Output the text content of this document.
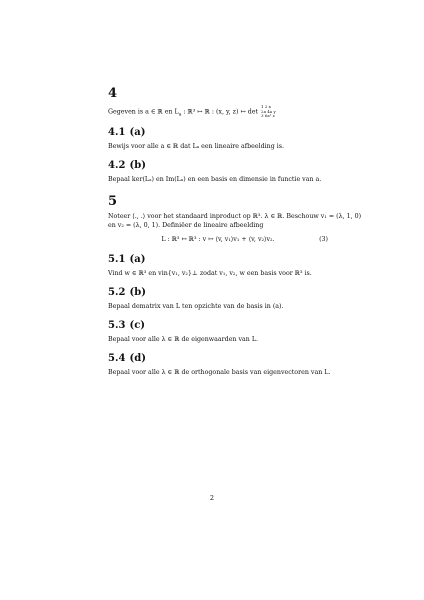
4
Gegeven is a ∈ ℝ en $L_a$ : ℝ³ ↦ ℝ : (x, y, z) ↦ det
1 2 x
2a 4a y
3 6a² z
4.1 (a)
Bewijs voor alle a ∈ ℝ dat Lₐ een lineaire afbeelding is.
4.2 (b)
Bepaal ker(Lₐ) en Im(Lₐ) en een basis en dimensie in functie van a.
5
Noteer ⟨., .⟩ voor het standaard inproduct op ℝ³. λ ∈ ℝ. Beschouw v₁ = (λ, 1, 0)
en v₂ = (λ, 0, 1). Definiëer de lineaire afbeelding
L : ℝ³ ↦ ℝ³ : v ↦ ⟨v, v₁⟩v₁ + ⟨v, v₂⟩v₂.	(3)
5.1 (a)
Vind w ∈ ℝ³ en vin{v₁, v₂}⊥ zodat v₁, v₂, w een basis voor ℝ³ is.
5.2 (b)
Bepaal dematrix van L ten opzichte van de basis in (a).
5.3 (c)
Bepaal voor alle λ ∈ ℝ de eigenwaarden van L.
5.4 (d)
Bepaal voor alle λ ∈ ℝ de orthogonale basis van eigenvectoren van L.
2
